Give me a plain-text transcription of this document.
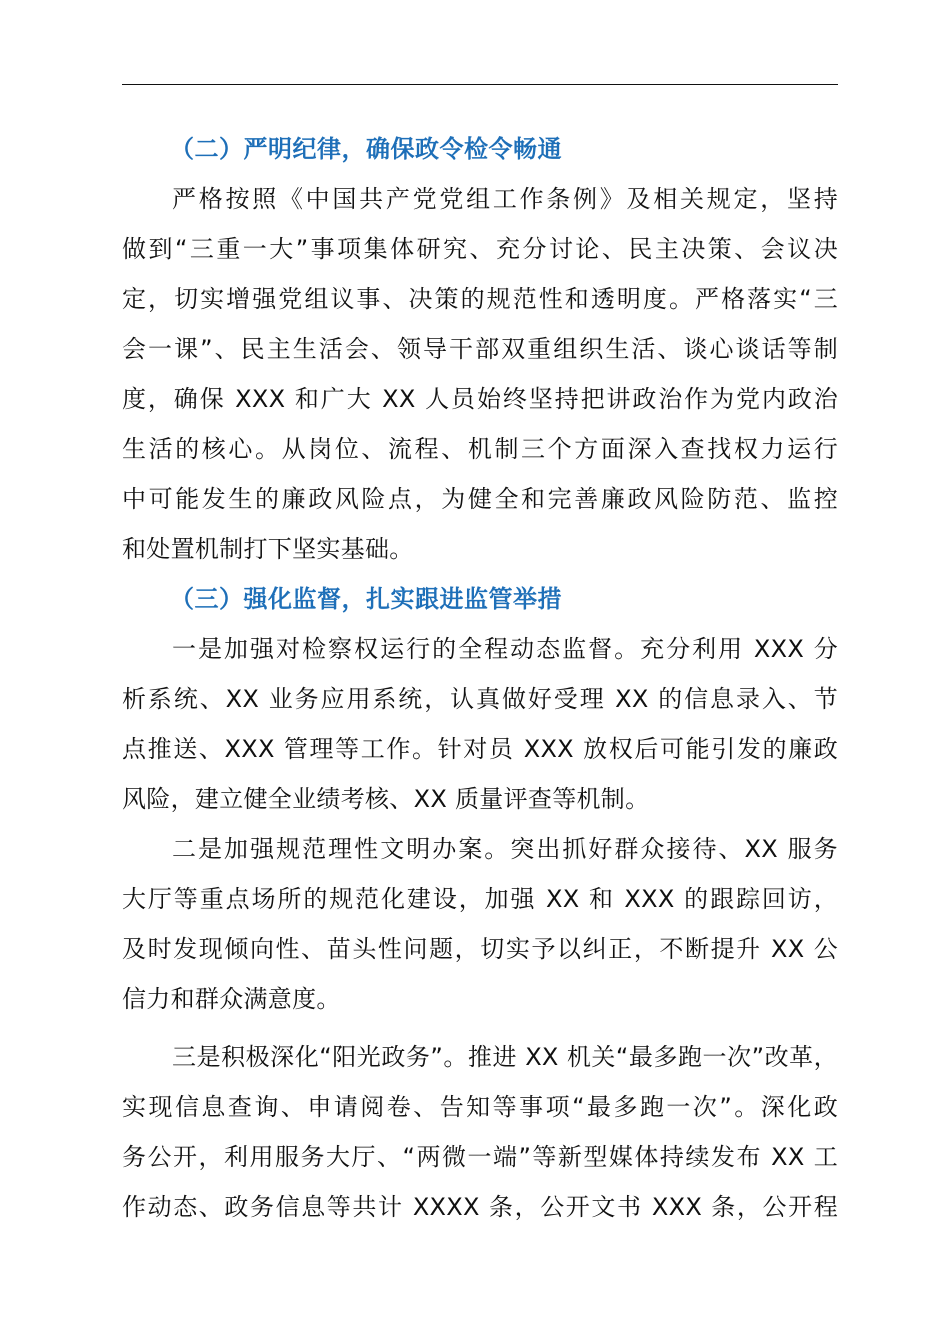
（二）严明纪律，确保政令检令畅通
严格按照《中国共产党党组工作条例》及相关规定，坚持
做到“三重一大”事项集体研究、充分讨论、民主决策、会议决
定，切实增强党组议事、决策的规范性和透明度。严格落实“三
会一课”、民主生活会、领导干部双重组织生活、谈心谈话等制
度，确保 XXX 和广大 XX 人员始终坚持把讲政治作为党内政治
生活的核心。从岗位、流程、机制三个方面深入查找权力运行
中可能发生的廉政风险点，为健全和完善廉政风险防范、监控
和处置机制打下坚实基础。
（三）强化监督，扎实跟进监管举措
一是加强对检察权运行的全程动态监督。充分利用 XXX 分
析系统、XX 业务应用系统，认真做好受理 XX 的信息录入、节
点推送、XXX 管理等工作。针对员 XXX 放权后可能引发的廉政
风险，建立健全业绩考核、XX 质量评查等机制。
二是加强规范理性文明办案。突出抓好群众接待、XX 服务
大厅等重点场所的规范化建设，加强 XX 和 XXX 的跟踪回访，
及时发现倾向性、苗头性问题，切实予以纠正，不断提升 XX 公
信力和群众满意度。
三是积极深化“阳光政务”。推进 XX 机关“最多跑一次”改革，
实现信息查询、申请阅卷、告知等事项“最多跑一次”。深化政
务公开，利用服务大厅、“两微一端”等新型媒体持续发布 XX 工
作动态、政务信息等共计 XXXX 条，公开文书 XXX 条，公开程
